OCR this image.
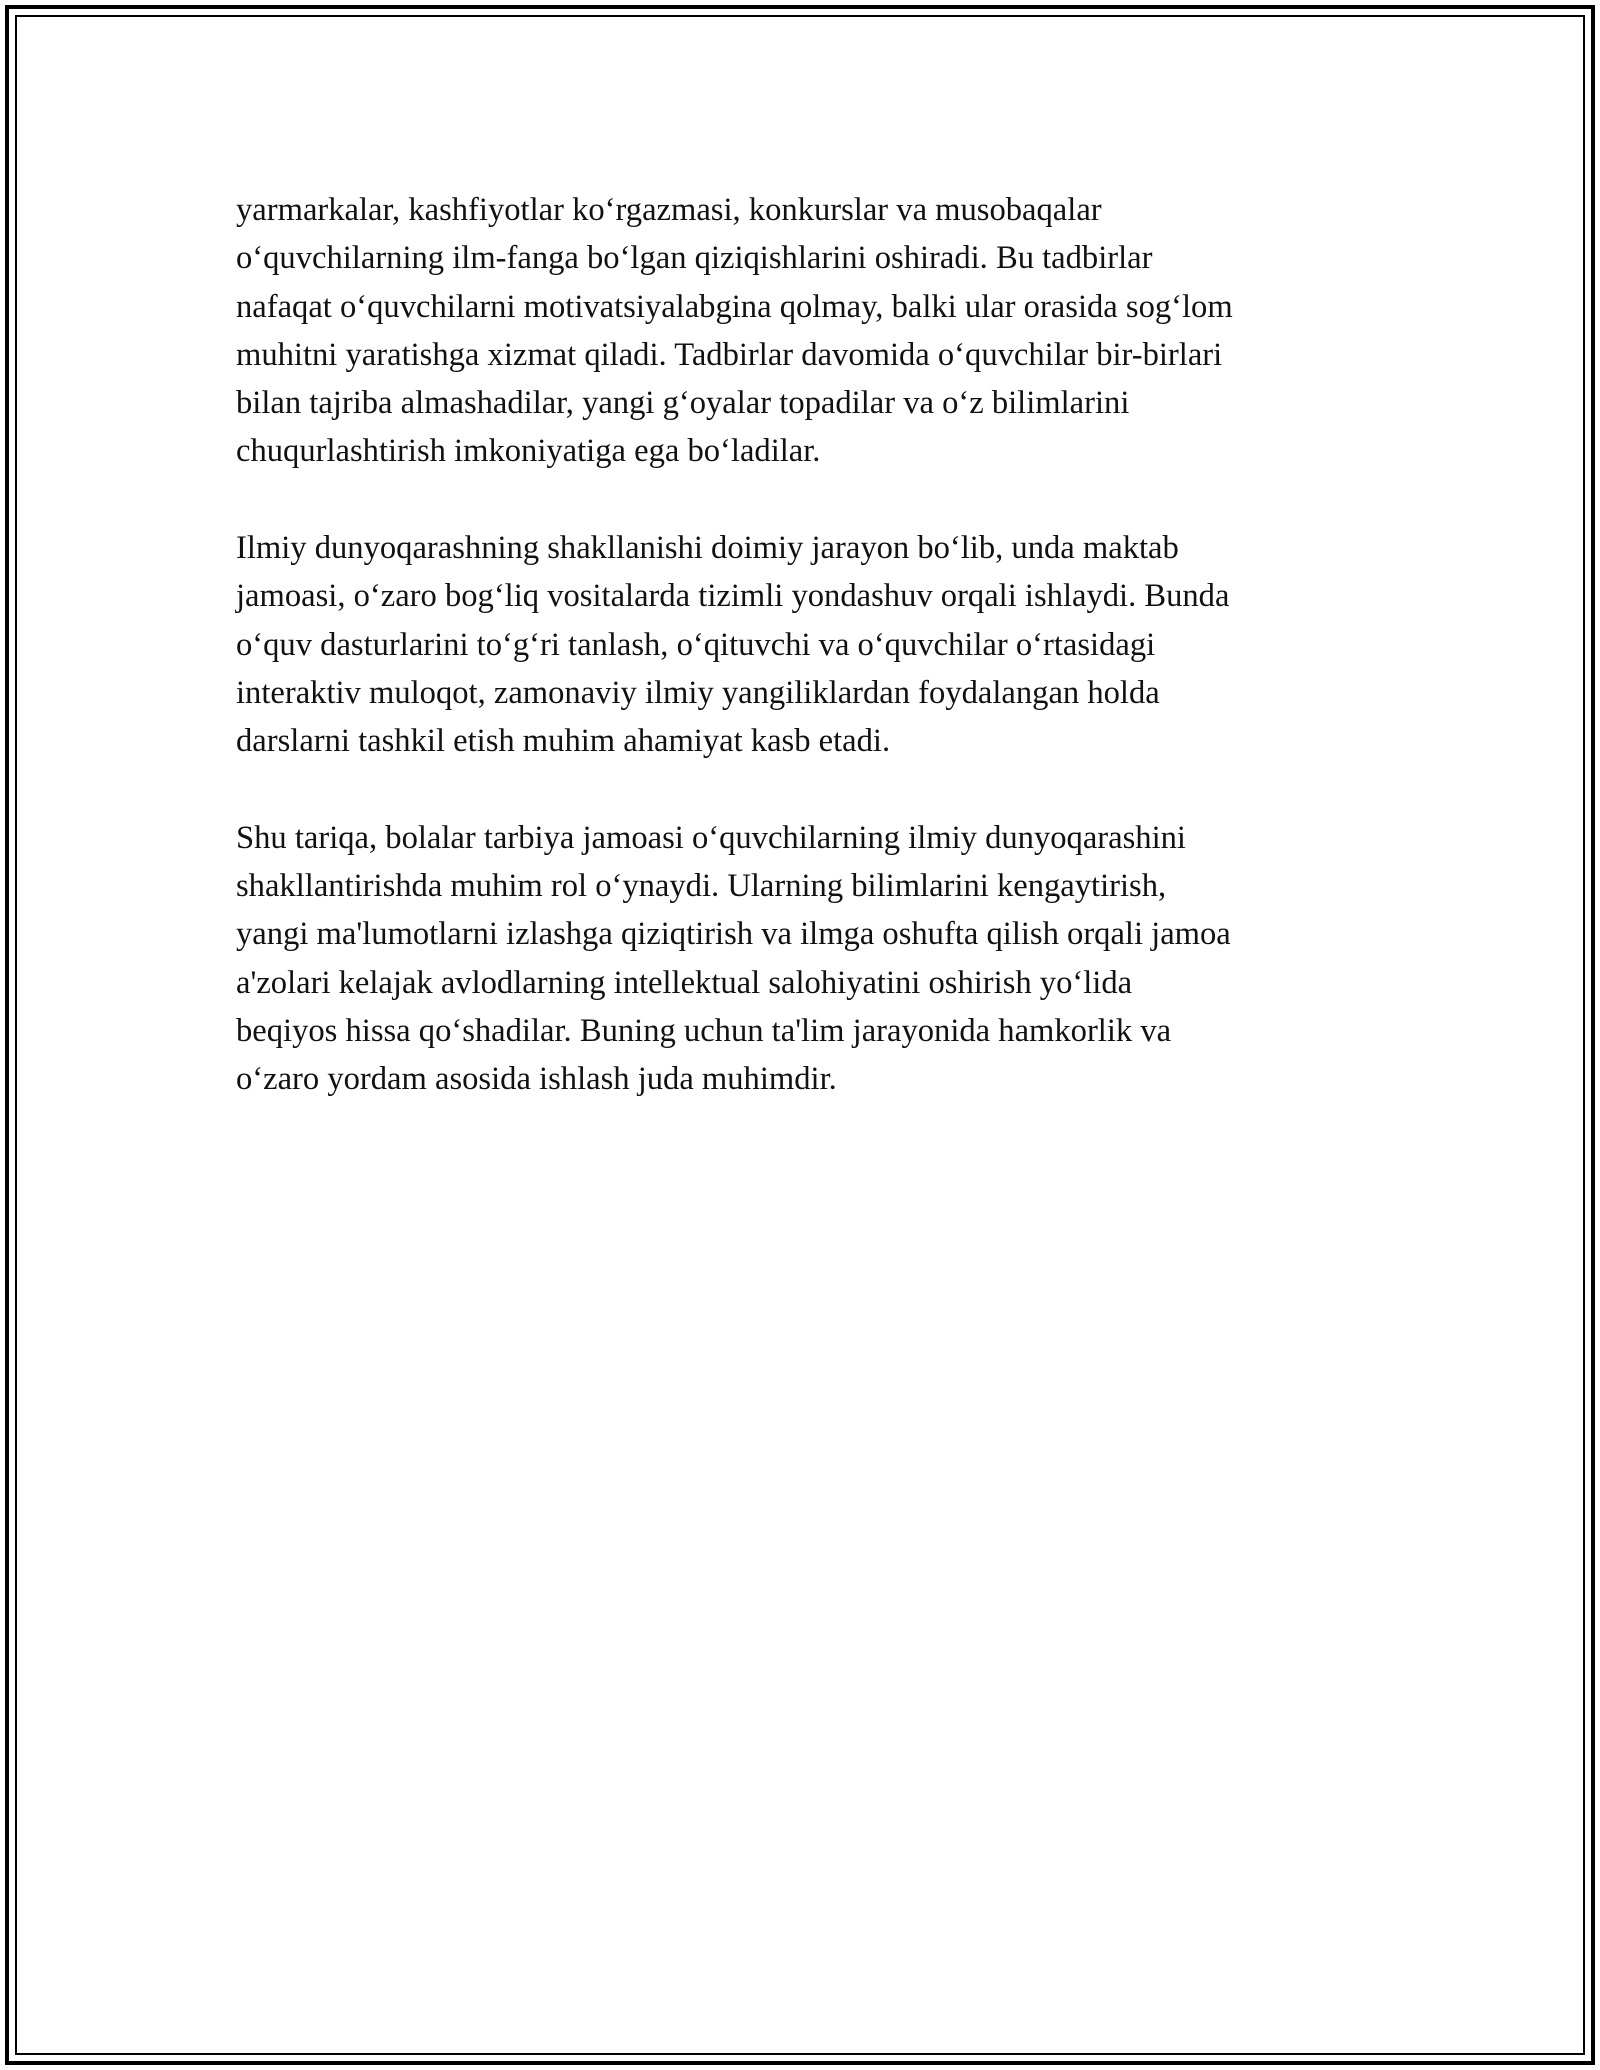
yarmarkalar, kashfiyotlar ko‘rgazmasi, konkurslar va musobaqalar
o‘quvchilarning ilm-fanga bo‘lgan qiziqishlarini oshiradi. Bu tadbirlar
nafaqat o‘quvchilarni motivatsiyalabgina qolmay, balki ular orasida sog‘lom
muhitni yaratishga xizmat qiladi. Tadbirlar davomida o‘quvchilar bir-birlari
bilan tajriba almashadilar, yangi g‘oyalar topadilar va o‘z bilimlarini
chuqurlashtirish imkoniyatiga ega bo‘ladilar.

Ilmiy dunyoqarashning shakllanishi doimiy jarayon bo‘lib, unda maktab
jamoasi, o‘zaro bog‘liq vositalarda tizimli yondashuv orqali ishlaydi. Bunda
o‘quv dasturlarini to‘g‘ri tanlash, o‘qituvchi va o‘quvchilar o‘rtasidagi
interaktiv muloqot, zamonaviy ilmiy yangiliklardan foydalangan holda
darslarni tashkil etish muhim ahamiyat kasb etadi.

Shu tariqa, bolalar tarbiya jamoasi o‘quvchilarning ilmiy dunyoqarashini
shakllantirishda muhim rol o‘ynaydi. Ularning bilimlarini kengaytirish,
yangi ma'lumotlarni izlashga qiziqtirish va ilmga oshufta qilish orqali jamoa
a'zolari kelajak avlodlarning intellektual salohiyatini oshirish yo‘lida
beqiyos hissa qo‘shadilar. Buning uchun ta'lim jarayonida hamkorlik va
o‘zaro yordam asosida ishlash juda muhimdir.
